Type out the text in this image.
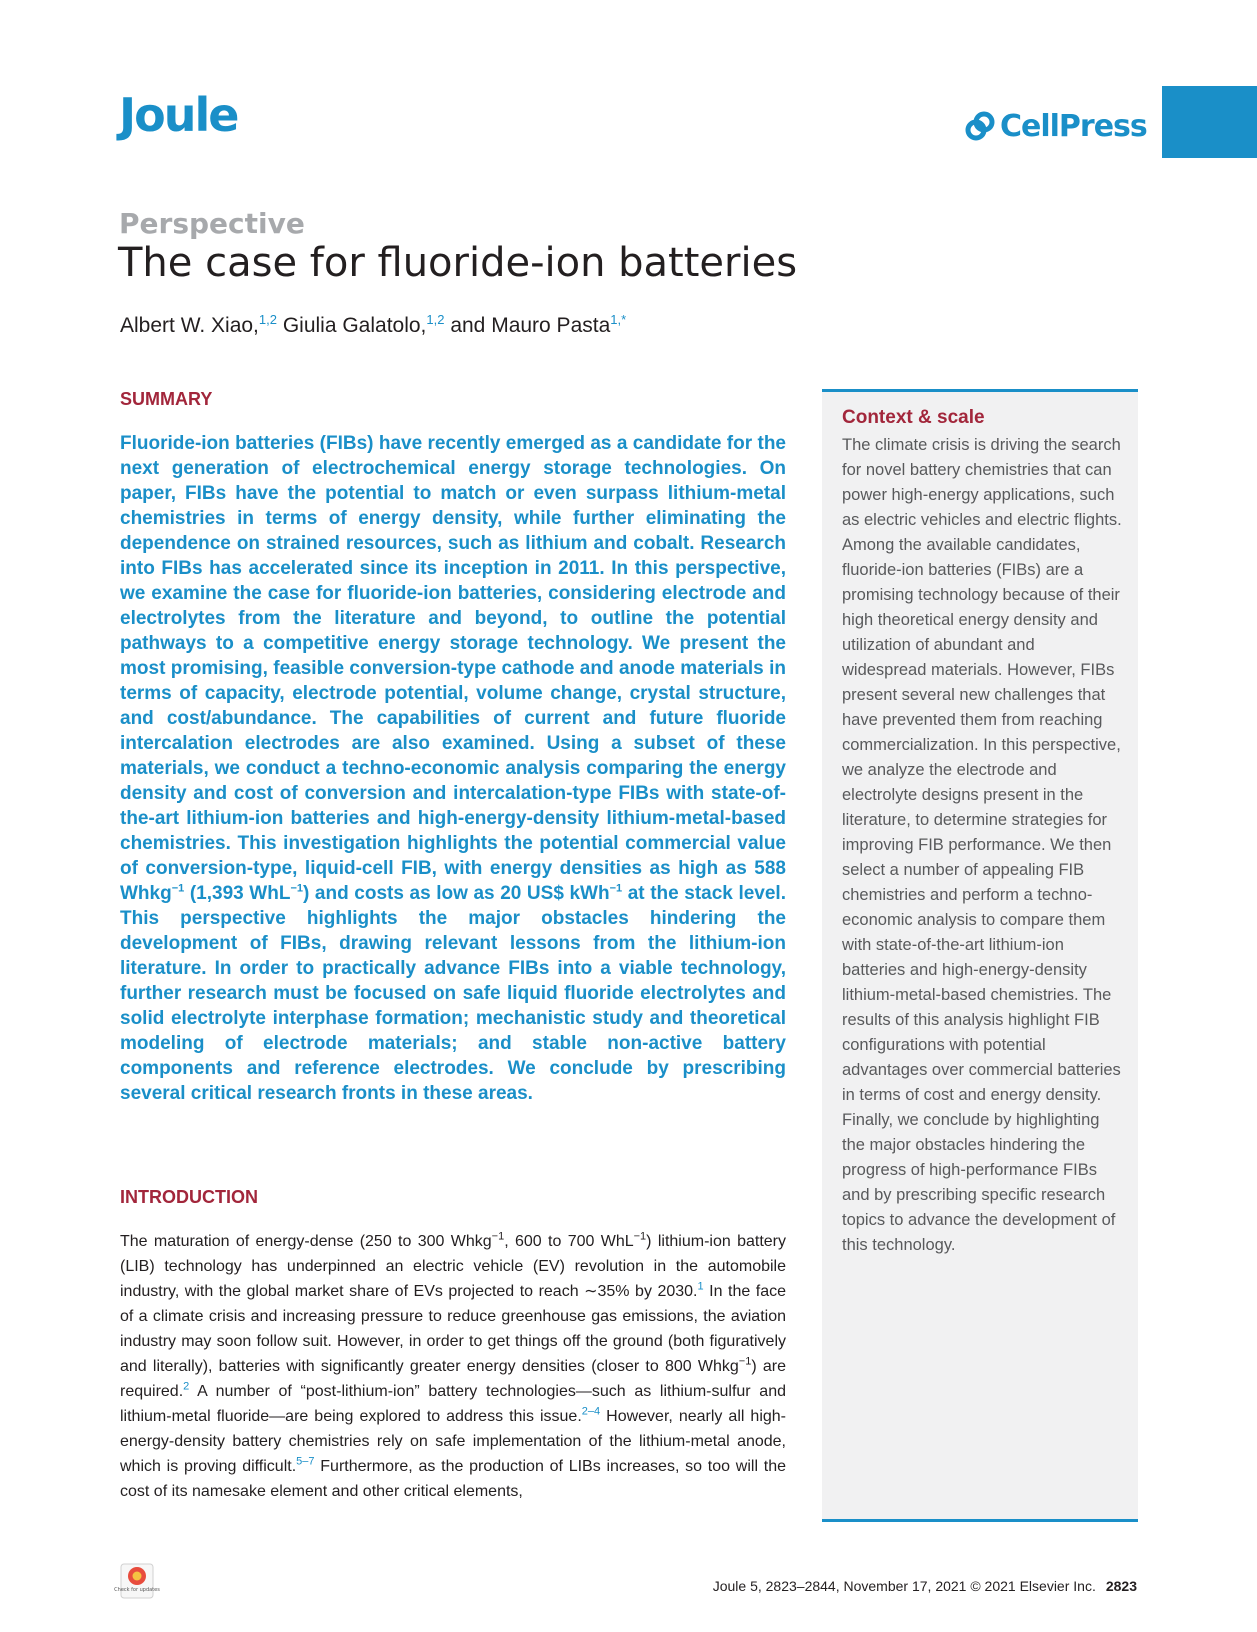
Joule	CellPress
Perspective
The case for fluoride-ion batteries
Albert W. Xiao,$^{1,2}$ Giulia Galatolo,$^{1,2}$ and Mauro Pasta$^{1,*}$
SUMMARY

Fluoride-ion batteries (FIBs) have recently emerged as a candidate for the next generation of electrochemical energy storage technologies. On paper, FIBs have the potential to match or even surpass lithium-metal chemistries in terms of energy density, while further eliminating the dependence on strained resources, such as lithium and cobalt. Research into FIBs has accelerated since its inception in 2011. In this perspective, we examine the case for fluoride-ion batteries, considering electrode and electrolytes from the literature and beyond, to outline the potential pathways to a competitive energy storage technology. We present the most promising, feasible conversion-type cathode and anode materials in terms of capacity, electrode potential, volume change, crystal structure, and cost/abundance. The capabilities of current and future fluoride intercalation electrodes are also examined. Using a subset of these materials, we conduct a techno-economic analysis comparing the energy density and cost of conversion and intercalation-type FIBs with state-of-the-art lithium-ion batteries and high-energy-density lithium-metal-based chemistries. This investigation highlights the potential commercial value of conversion-type, liquid-cell FIB, with energy densities as high as 588 Whkg$^{-1}$ (1,393 WhL$^{-1}$) and costs as low as 20 US$ kWh$^{-1}$ at the stack level. This perspective highlights the major obstacles hindering the development of FIBs, drawing relevant lessons from the lithium-ion literature. In order to practically advance FIBs into a viable technology, further research must be focused on safe liquid fluoride electrolytes and solid electrolyte interphase formation; mechanistic study and theoretical modeling of electrode materials; and stable non-active battery components and reference electrodes. We conclude by prescribing several critical research fronts in these areas.

INTRODUCTION

The maturation of energy-dense (250 to 300 Whkg$^{-1}$, 600 to 700 WhL$^{-1}$) lithium-ion battery (LIB) technology has underpinned an electric vehicle (EV) revolution in the automobile industry, with the global market share of EVs projected to reach ∼35% by 2030.$^1$ In the face of a climate crisis and increasing pressure to reduce greenhouse gas emissions, the aviation industry may soon follow suit. However, in order to get things off the ground (both figuratively and literally), batteries with significantly greater energy densities (closer to 800 Whkg$^{-1}$) are required.$^2$ A number of “post-lithium-ion” battery technologies—such as lithium-sulfur and lithium-metal fluoride—are being explored to address this issue.$^{2-4}$ However, nearly all high-energy-density battery chemistries rely on safe implementation of the lithium-metal anode, which is proving difficult.$^{5-7}$ Furthermore, as the production of LIBs increases, so too will the cost of its namesake element and other critical elements,

Context & scale

The climate crisis is driving the search for novel battery chemistries that can power high-energy applications, such as electric vehicles and electric flights. Among the available candidates, fluoride-ion batteries (FIBs) are a promising technology because of their high theoretical energy density and utilization of abundant and widespread materials. However, FIBs present several new challenges that have prevented them from reaching commercialization. In this perspective, we analyze the electrode and electrolyte designs present in the literature, to determine strategies for improving FIB performance. We then select a number of appealing FIB chemistries and perform a techno-economic analysis to compare them with state-of-the-art lithium-ion batteries and high-energy-density lithium-metal-based chemistries. The results of this analysis highlight FIB configurations with potential advantages over commercial batteries in terms of cost and energy density. Finally, we conclude by highlighting the major obstacles hindering the progress of high-performance FIBs and by prescribing specific research topics to advance the development of this technology.

Check for updates	Joule 5, 2823–2844, November 17, 2021 © 2021 Elsevier Inc. 2823
